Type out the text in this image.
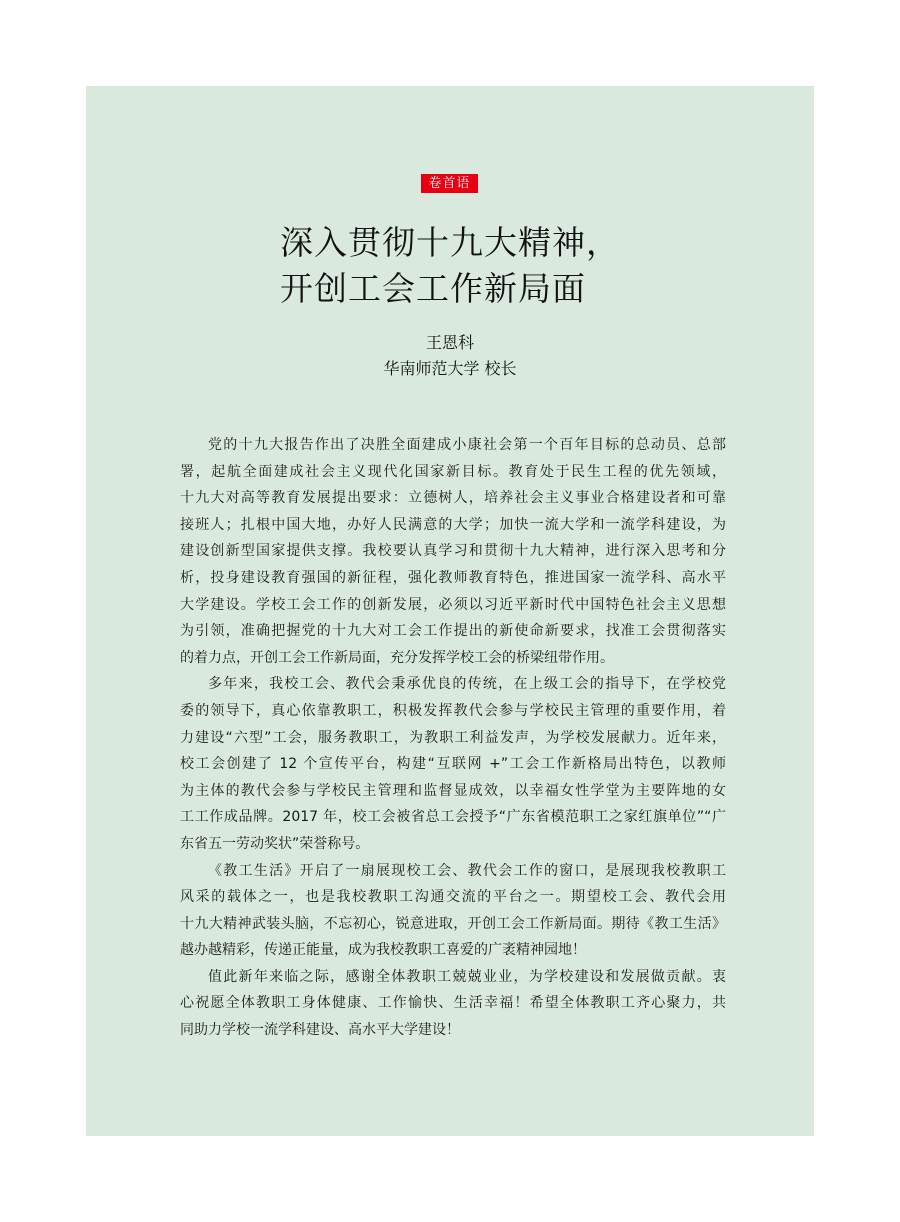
卷首语
深入贯彻十九大精神，
开创工会工作新局面
王恩科
华南师范大学 校长

党的十九大报告作出了决胜全面建成小康社会第一个百年目标的总动员、总部
署，起航全面建成社会主义现代化国家新目标。教育处于民生工程的优先领域，
十九大对高等教育发展提出要求：立德树人，培养社会主义事业合格建设者和可靠
接班人；扎根中国大地，办好人民满意的大学；加快一流大学和一流学科建设，为
建设创新型国家提供支撑。我校要认真学习和贯彻十九大精神，进行深入思考和分
析，投身建设教育强国的新征程，强化教师教育特色，推进国家一流学科、高水平
大学建设。学校工会工作的创新发展，必须以习近平新时代中国特色社会主义思想
为引领，准确把握党的十九大对工会工作提出的新使命新要求，找准工会贯彻落实
的着力点，开创工会工作新局面，充分发挥学校工会的桥梁纽带作用。

多年来，我校工会、教代会秉承优良的传统，在上级工会的指导下，在学校党
委的领导下，真心依靠教职工，积极发挥教代会参与学校民主管理的重要作用，着
力建设“六型”工会，服务教职工，为教职工利益发声，为学校发展献力。近年来，
校工会创建了 12 个宣传平台，构建“互联网 +”工会工作新格局出特色，以教师
为主体的教代会参与学校民主管理和监督显成效，以幸福女性学堂为主要阵地的女
工工作成品牌。2017 年，校工会被省总工会授予“广东省模范职工之家红旗单位”“广
东省五一劳动奖状”荣誉称号。

《教工生活》开启了一扇展现校工会、教代会工作的窗口，是展现我校教职工
风采的载体之一，也是我校教职工沟通交流的平台之一。期望校工会、教代会用
十九大精神武装头脑，不忘初心，锐意进取，开创工会工作新局面。期待《教工生活》
越办越精彩，传递正能量，成为我校教职工喜爱的广袤精神园地！

值此新年来临之际，感谢全体教职工兢兢业业，为学校建设和发展做贡献。衷
心祝愿全体教职工身体健康、工作愉快、生活幸福！希望全体教职工齐心聚力，共
同助力学校一流学科建设、高水平大学建设！
